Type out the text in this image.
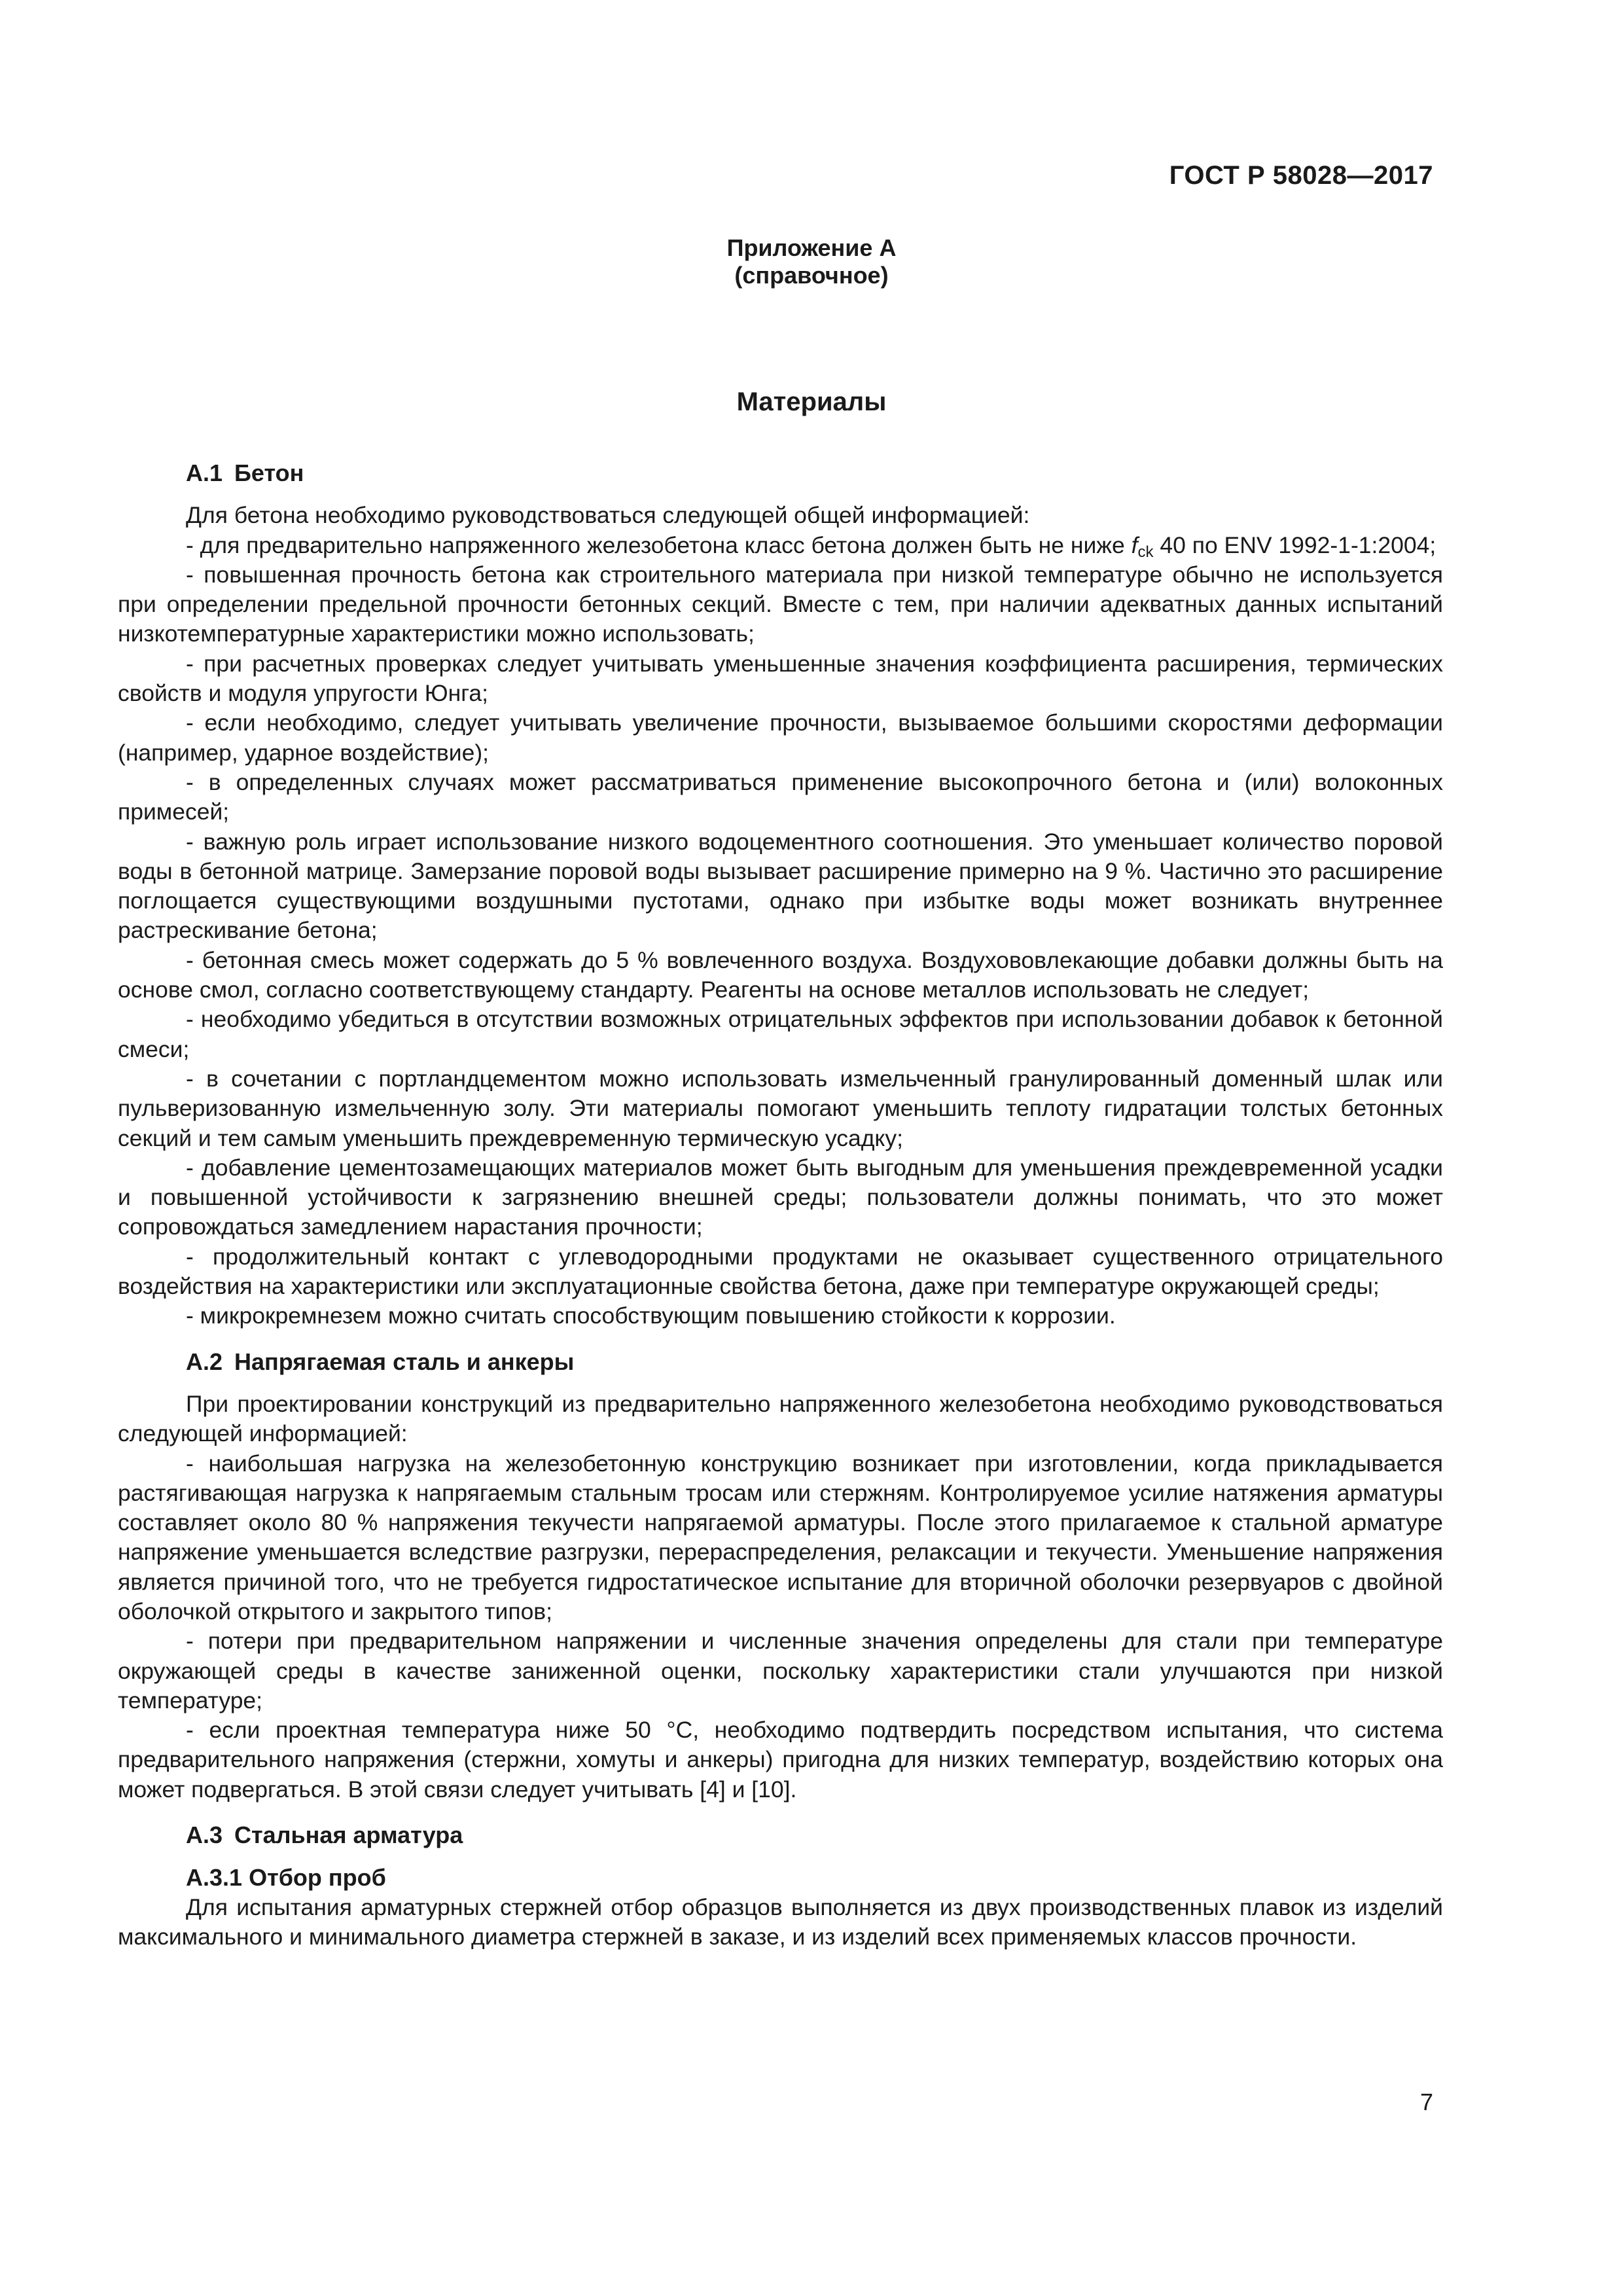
ГОСТ Р 58028—2017
Приложение А
(справочное)
Материалы
А.1 Бетон

Для бетона необходимо руководствоваться следующей общей информацией:

- для предварительно напряженного железобетона класс бетона должен быть не ниже $f_{ck}$ 40 по ENV 1992-1-1:2004;

- повышенная прочность бетона как строительного материала при низкой температуре обычно не используется при определении предельной прочности бетонных секций. Вместе с тем, при наличии адекватных данных испытаний низкотемпературные характеристики можно использовать;

- при расчетных проверках следует учитывать уменьшенные значения коэффициента расширения, термических свойств и модуля упругости Юнга;

- если необходимо, следует учитывать увеличение прочности, вызываемое большими скоростями деформации (например, ударное воздействие);

- в определенных случаях может рассматриваться применение высокопрочного бетона и (или) волоконных примесей;

- важную роль играет использование низкого водоцементного соотношения. Это уменьшает количество поровой воды в бетонной матрице. Замерзание поровой воды вызывает расширение примерно на 9 %. Частично это расширение поглощается существующими воздушными пустотами, однако при избытке воды может возникать внутреннее растрескивание бетона;

- бетонная смесь может содержать до 5 % вовлеченного воздуха. Воздухововлекающие добавки должны быть на основе смол, согласно соответствующему стандарту. Реагенты на основе металлов использовать не следует;

- необходимо убедиться в отсутствии возможных отрицательных эффектов при использовании добавок к бетонной смеси;

- в сочетании с портландцементом можно использовать измельченный гранулированный доменный шлак или пульверизованную измельченную золу. Эти материалы помогают уменьшить теплоту гидратации толстых бетонных секций и тем самым уменьшить преждевременную термическую усадку;

- добавление цементозамещающих материалов может быть выгодным для уменьшения преждевременной усадки и повышенной устойчивости к загрязнению внешней среды; пользователи должны понимать, что это может сопровождаться замедлением нарастания прочности;

- продолжительный контакт с углеводородными продуктами не оказывает существенного отрицательного воздействия на характеристики или эксплуатационные свойства бетона, даже при температуре окружающей среды;

- микрокремнезем можно считать способствующим повышению стойкости к коррозии.

А.2 Напрягаемая сталь и анкеры

При проектировании конструкций из предварительно напряженного железобетона необходимо руководствоваться следующей информацией:

- наибольшая нагрузка на железобетонную конструкцию возникает при изготовлении, когда прикладывается растягивающая нагрузка к напрягаемым стальным тросам или стержням. Контролируемое усилие натяжения арматуры составляет около 80 % напряжения текучести напрягаемой арматуры. После этого прилагаемое к стальной арматуре напряжение уменьшается вследствие разгрузки, перераспределения, релаксации и текучести. Уменьшение напряжения является причиной того, что не требуется гидростатическое испытание для вторичной оболочки резервуаров с двойной оболочкой открытого и закрытого типов;

- потери при предварительном напряжении и численные значения определены для стали при температуре окружающей среды в качестве заниженной оценки, поскольку характеристики стали улучшаются при низкой температуре;

- если проектная температура ниже 50 °C, необходимо подтвердить посредством испытания, что система предварительного напряжения (стержни, хомуты и анкеры) пригодна для низких температур, воздействию которых она может подвергаться. В этой связи следует учитывать [4] и [10].

А.3 Стальная арматура
А.3.1 Отбор проб

Для испытания арматурных стержней отбор образцов выполняется из двух производственных плавок из изделий максимального и минимального диаметра стержней в заказе, и из изделий всех применяемых классов прочности.

7
